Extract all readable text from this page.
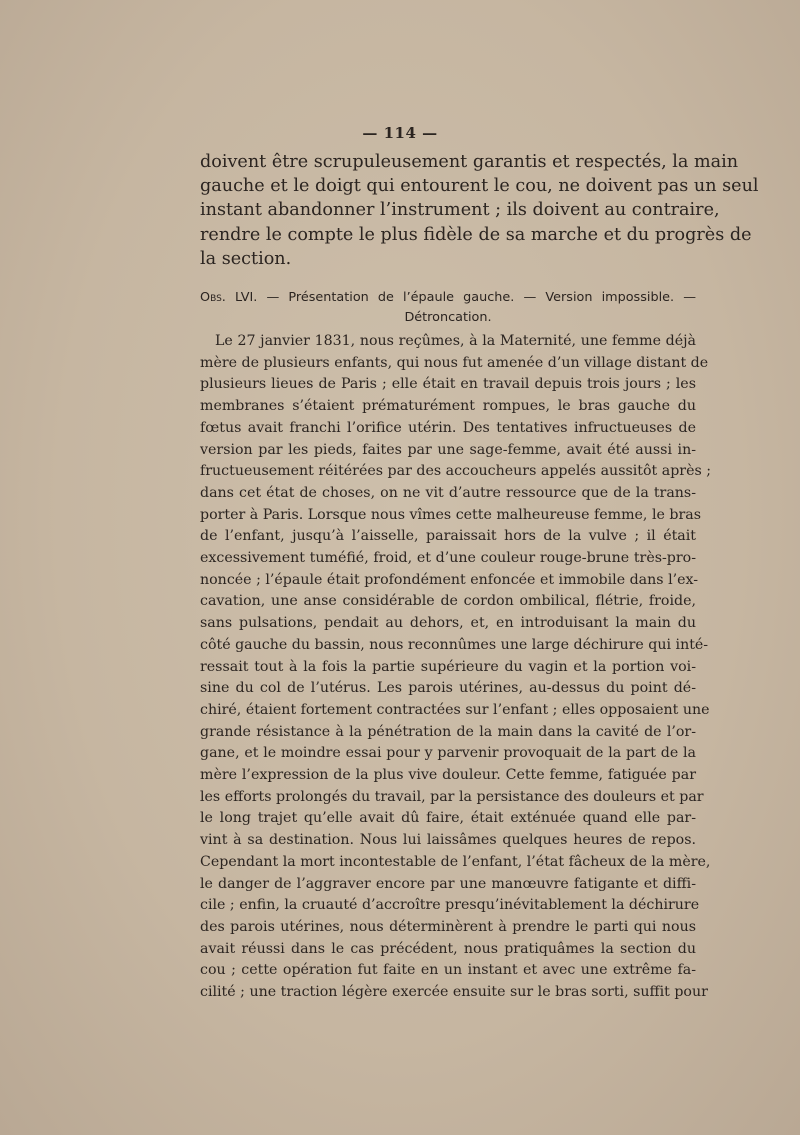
— 114 —
doivent être scrupuleusement garantis et respectés, la main
gauche et le doigt qui entourent le cou, ne doivent pas un seul
instant abandonner l’instrument ; ils doivent au contraire,
rendre le compte le plus fidèle de sa marche et du progrès de
la section.
Obs. LVI. — Présentation de l’épaule gauche. — Version impossible. —
Détroncation.
Le 27 janvier 1831, nous reçûmes, à la Maternité, une femme déjà
mère de plusieurs enfants, qui nous fut amenée d’un village distant de
plusieurs lieues de Paris ; elle était en travail depuis trois jours ; les
membranes s’étaient prématurément rompues, le bras gauche du
fœtus avait franchi l’orifice utérin. Des tentatives infructueuses de
version par les pieds, faites par une sage-femme, avait été aussi in-
fructueusement réitérées par des accoucheurs appelés aussitôt après ;
dans cet état de choses, on ne vit d’autre ressource que de la trans-
porter à Paris. Lorsque nous vîmes cette malheureuse femme, le bras
de l’enfant, jusqu’à l’aisselle, paraissait hors de la vulve ; il était
excessivement tuméfié, froid, et d’une couleur rouge-brune très-pro-
noncée ; l’épaule était profondément enfoncée et immobile dans l’ex-
cavation, une anse considérable de cordon ombilical, flétrie, froide,
sans pulsations, pendait au dehors, et, en introduisant la main du
côté gauche du bassin, nous reconnûmes une large déchirure qui inté-
ressait tout à la fois la partie supérieure du vagin et la portion voi-
sine du col de l’utérus. Les parois utérines, au-dessus du point dé-
chiré, étaient fortement contractées sur l’enfant ; elles opposaient une
grande résistance à la pénétration de la main dans la cavité de l’or-
gane, et le moindre essai pour y parvenir provoquait de la part de la
mère l’expression de la plus vive douleur. Cette femme, fatiguée par
les efforts prolongés du travail, par la persistance des douleurs et par
le long trajet qu’elle avait dû faire, était exténuée quand elle par-
vint à sa destination. Nous lui laissâmes quelques heures de repos.
Cependant la mort incontestable de l’enfant, l’état fâcheux de la mère,
le danger de l’aggraver encore par une manœuvre fatigante et diffi-
cile ; enfin, la cruauté d’accroître presqu’inévitablement la déchirure
des parois utérines, nous déterminèrent à prendre le parti qui nous
avait réussi dans le cas précédent, nous pratiquâmes la section du
cou ; cette opération fut faite en un instant et avec une extrême fa-
cilité ; une traction légère exercée ensuite sur le bras sorti, suffit pour
